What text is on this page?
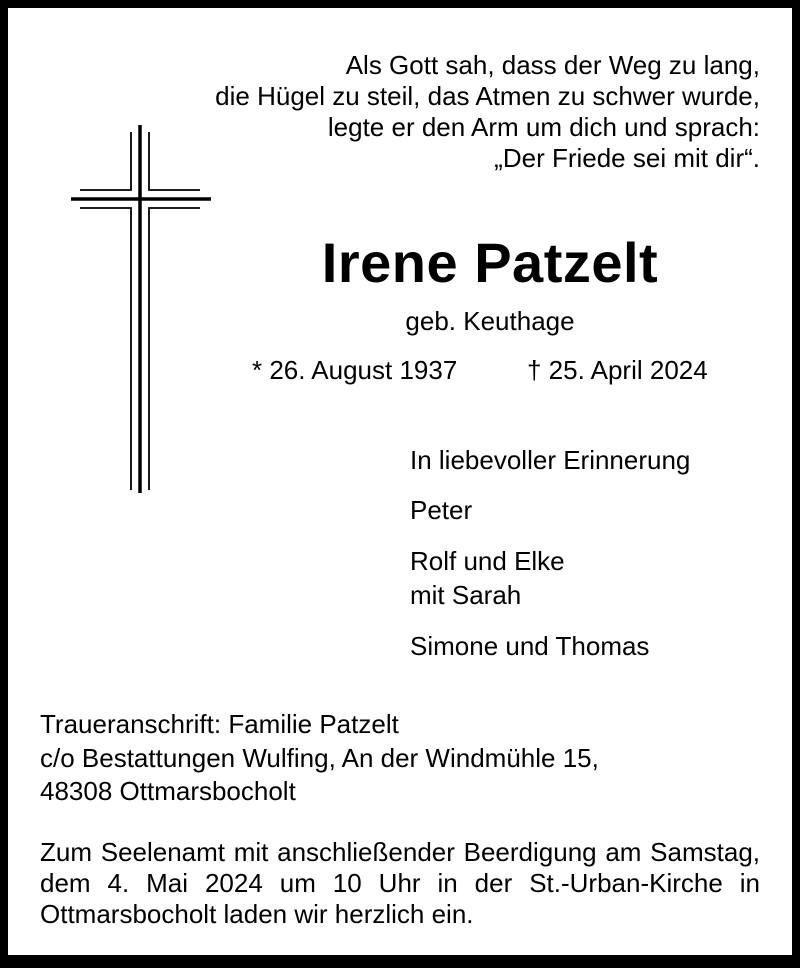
Als Gott sah, dass der Weg zu lang,
die Hügel zu steil, das Atmen zu schwer wurde,
legte er den Arm um dich und sprach:
„Der Friede sei mit dir“.
Irene Patzelt
geb. Keuthage
* 26. August 1937	† 25. April 2024
In liebevoller Erinnerung
Peter
Rolf und Elke
mit Sarah
Simone und Thomas
Traueranschrift: Familie Patzelt
c/o Bestattungen Wulfing, An der Windmühle 15,
48308 Ottmarsbocholt
Zum Seelenamt mit anschließender Beerdigung am Samstag, dem 4. Mai 2024 um 10 Uhr in der St.-Urban-Kirche in Ottmarsbocholt laden wir herzlich ein.
